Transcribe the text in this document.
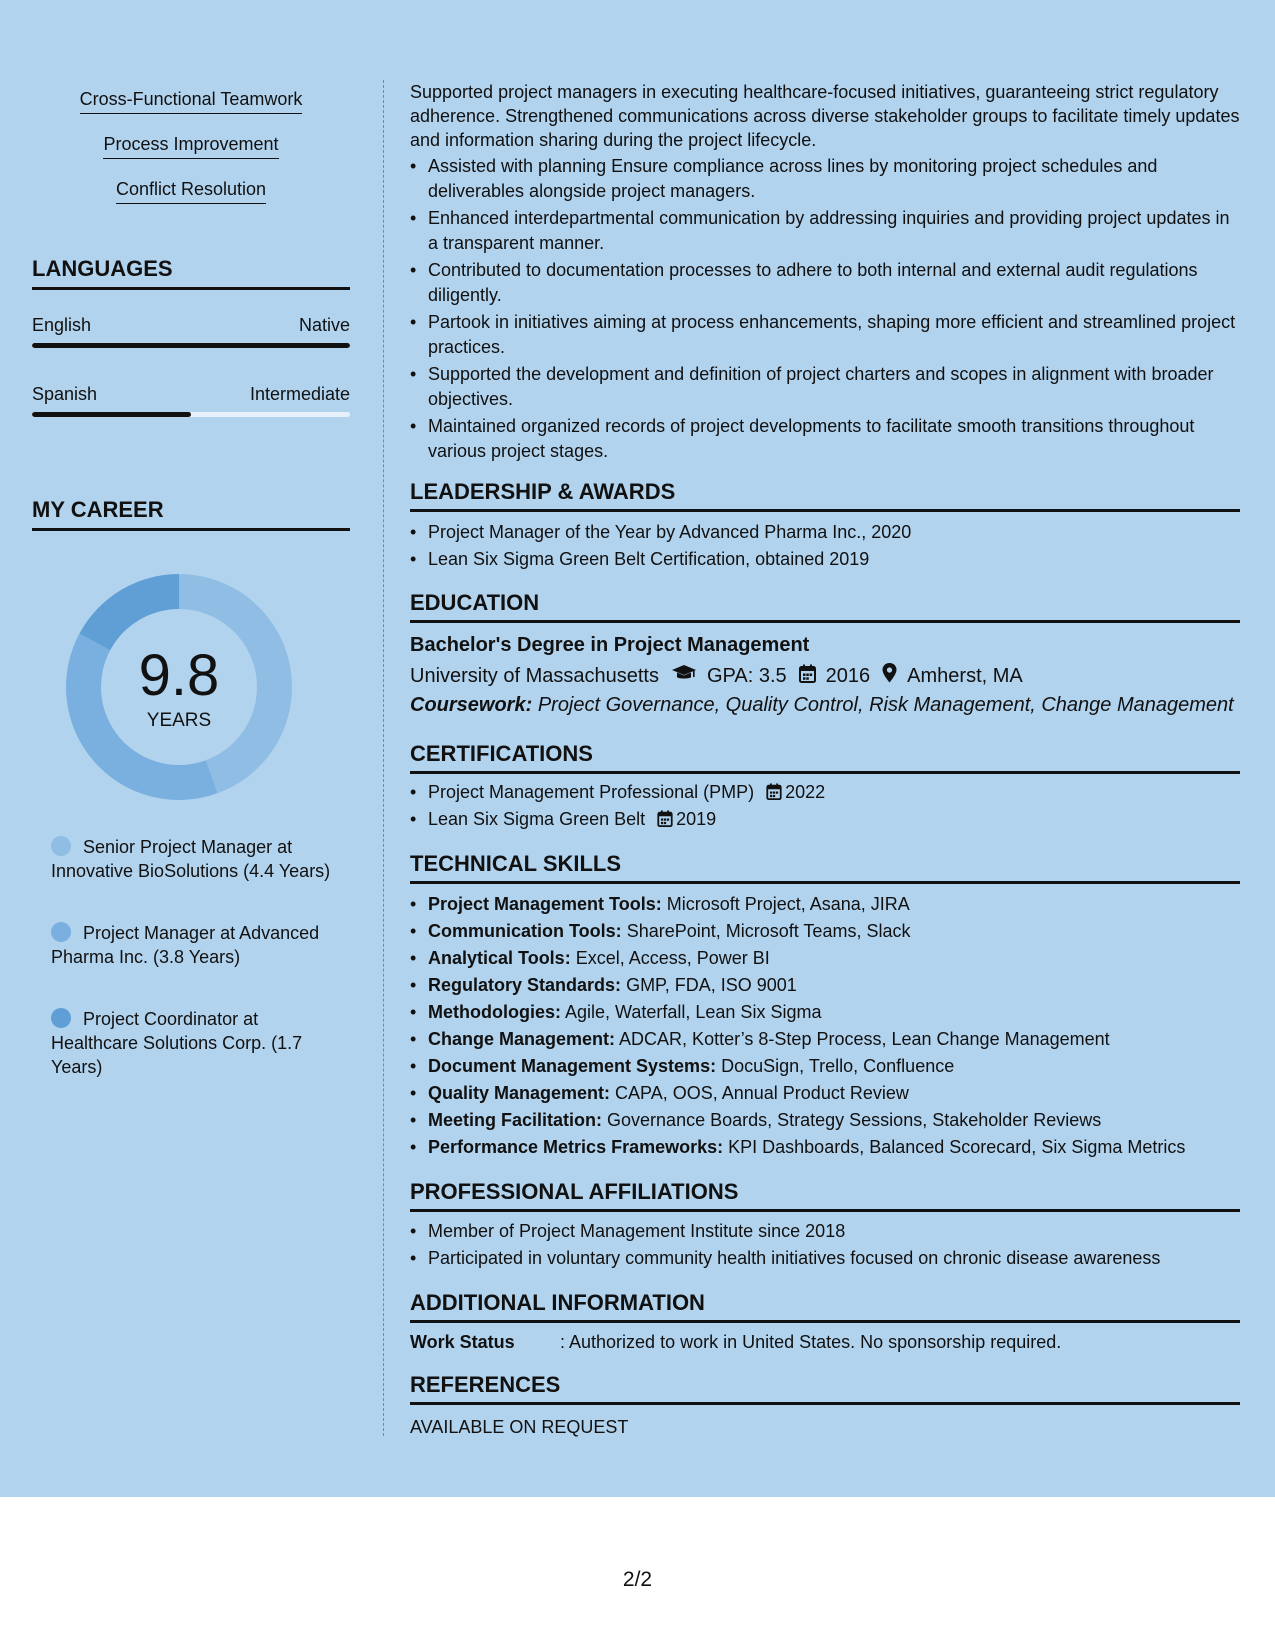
Cross-Functional Teamwork
Process Improvement
Conflict Resolution
LANGUAGES
English	Native
Spanish	Intermediate
MY CAREER
9.8
YEARS
Senior Project Manager at Innovative BioSolutions (4.4 Years)
Project Manager at Advanced Pharma Inc. (3.8 Years)
Project Coordinator at Healthcare Solutions Corp. (1.7 Years)
Supported project managers in executing healthcare-focused initiatives, guaranteeing strict regulatory adherence. Strengthened communications across diverse stakeholder groups to facilitate timely updates and information sharing during the project lifecycle.
• Assisted with planning Ensure compliance across lines by monitoring project schedules and deliverables alongside project managers.
• Enhanced interdepartmental communication by addressing inquiries and providing project updates in a transparent manner.
• Contributed to documentation processes to adhere to both internal and external audit regulations diligently.
• Partook in initiatives aiming at process enhancements, shaping more efficient and streamlined project practices.
• Supported the development and definition of project charters and scopes in alignment with broader objectives.
• Maintained organized records of project developments to facilitate smooth transitions throughout various project stages.
LEADERSHIP & AWARDS
• Project Manager of the Year by Advanced Pharma Inc., 2020
• Lean Six Sigma Green Belt Certification, obtained 2019
EDUCATION
Bachelor's Degree in Project Management
University of Massachusetts GPA: 3.5 2016 Amherst, MA
Coursework: Project Governance, Quality Control, Risk Management, Change Management
CERTIFICATIONS
• Project Management Professional (PMP) 2022
• Lean Six Sigma Green Belt 2019
TECHNICAL SKILLS
• Project Management Tools: Microsoft Project, Asana, JIRA
• Communication Tools: SharePoint, Microsoft Teams, Slack
• Analytical Tools: Excel, Access, Power BI
• Regulatory Standards: GMP, FDA, ISO 9001
• Methodologies: Agile, Waterfall, Lean Six Sigma
• Change Management: ADCAR, Kotter’s 8-Step Process, Lean Change Management
• Document Management Systems: DocuSign, Trello, Confluence
• Quality Management: CAPA, OOS, Annual Product Review
• Meeting Facilitation: Governance Boards, Strategy Sessions, Stakeholder Reviews
• Performance Metrics Frameworks: KPI Dashboards, Balanced Scorecard, Six Sigma Metrics
PROFESSIONAL AFFILIATIONS
• Member of Project Management Institute since 2018
• Participated in voluntary community health initiatives focused on chronic disease awareness
ADDITIONAL INFORMATION
Work Status	: Authorized to work in United States. No sponsorship required.
REFERENCES
AVAILABLE ON REQUEST
2/2
